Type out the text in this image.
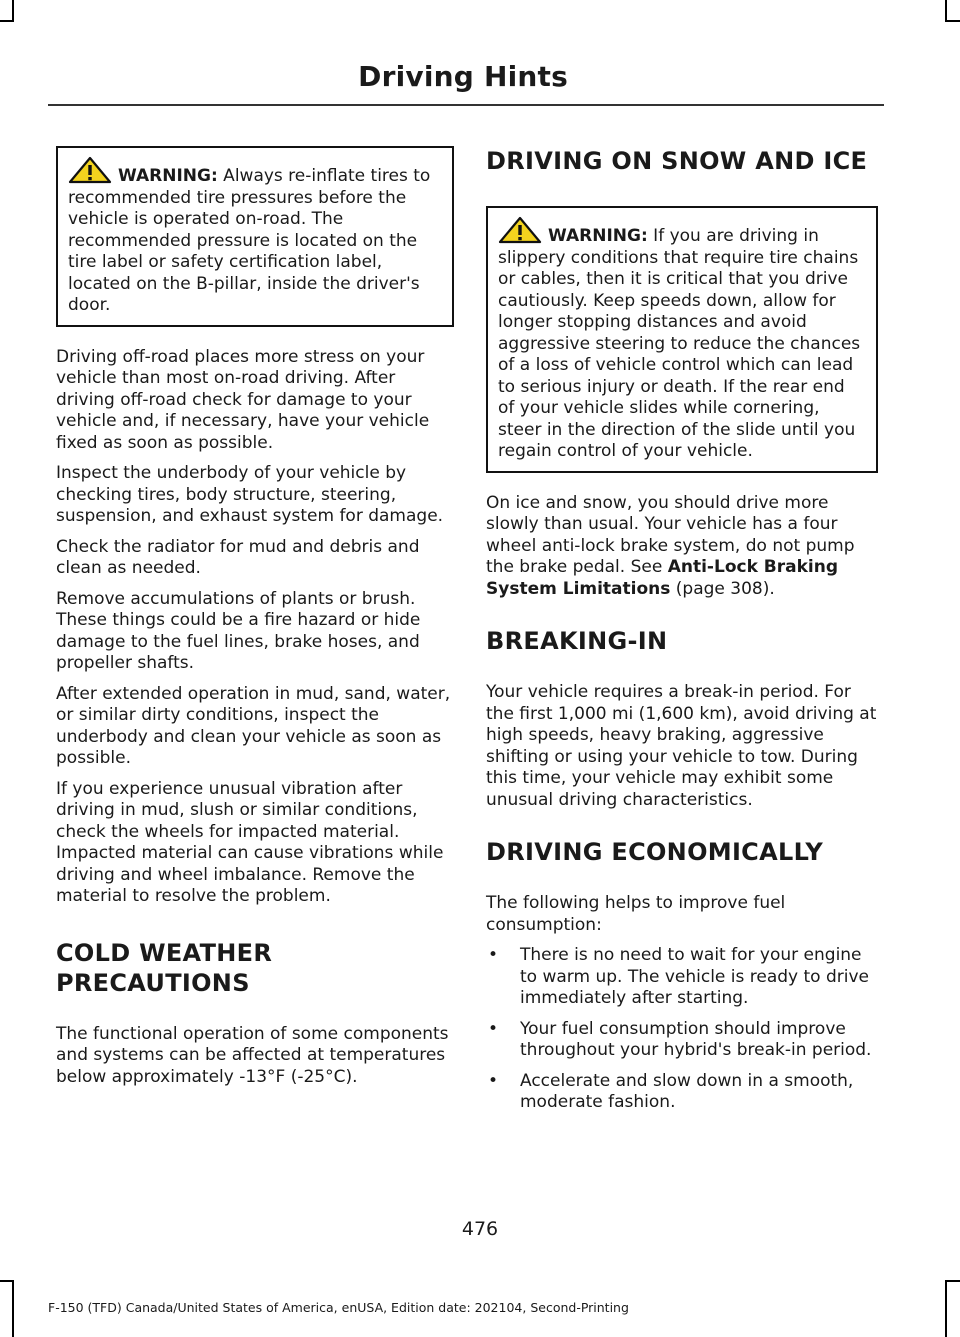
Driving Hints

WARNING: Always re-inflate tires to recommended tire pressures before the vehicle is operated on-road. The recommended pressure is located on the tire label or safety certification label, located on the B-pillar, inside the driver's door.

Driving off-road places more stress on your vehicle than most on-road driving. After driving off-road check for damage to your vehicle and, if necessary, have your vehicle fixed as soon as possible.

Inspect the underbody of your vehicle by checking tires, body structure, steering, suspension, and exhaust system for damage.

Check the radiator for mud and debris and clean as needed.

Remove accumulations of plants or brush. These things could be a fire hazard or hide damage to the fuel lines, brake hoses, and propeller shafts.

After extended operation in mud, sand, water, or similar dirty conditions, inspect the underbody and clean your vehicle as soon as possible.

If you experience unusual vibration after driving in mud, slush or similar conditions, check the wheels for impacted material. Impacted material can cause vibrations while driving and wheel imbalance. Remove the material to resolve the problem.

COLD WEATHER
PRECAUTIONS

The functional operation of some components and systems can be affected at temperatures below approximately -13°F (-25°C).

DRIVING ON SNOW AND ICE

WARNING: If you are driving in slippery conditions that require tire chains or cables, then it is critical that you drive cautiously. Keep speeds down, allow for longer stopping distances and avoid aggressive steering to reduce the chances of a loss of vehicle control which can lead to serious injury or death. If the rear end of your vehicle slides while cornering, steer in the direction of the slide until you regain control of your vehicle.

On ice and snow, you should drive more slowly than usual. Your vehicle has a four wheel anti-lock brake system, do not pump the brake pedal. See Anti-Lock Braking System Limitations (page 308).

BREAKING-IN

Your vehicle requires a break-in period. For the first 1,000 mi (1,600 km), avoid driving at high speeds, heavy braking, aggressive shifting or using your vehicle to tow. During this time, your vehicle may exhibit some unusual driving characteristics.

DRIVING ECONOMICALLY

The following helps to improve fuel consumption:

• There is no need to wait for your engine to warm up. The vehicle is ready to drive immediately after starting.
• Your fuel consumption should improve throughout your hybrid's break-in period.
• Accelerate and slow down in a smooth, moderate fashion.
476
F-150 (TFD) Canada/United States of America, enUSA, Edition date: 202104, Second-Printing
